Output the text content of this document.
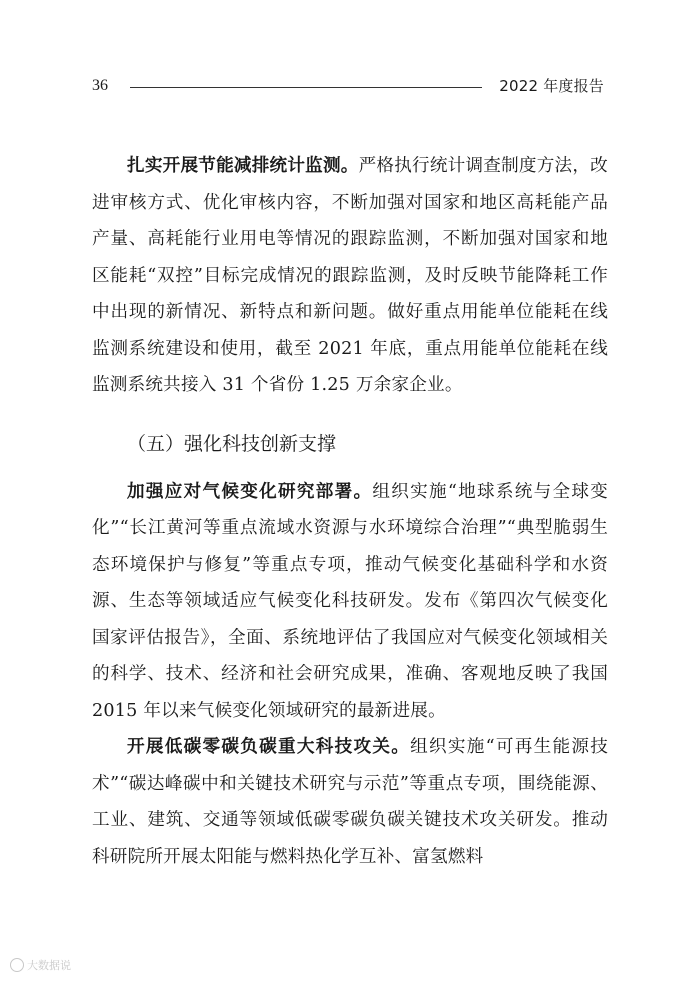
36	2022 年度报告

扎实开展节能减排统计监测。严格执行统计调查制度方法，改进审核方式、优化审核内容，不断加强对国家和地区高耗能产品产量、高耗能行业用电等情况的跟踪监测，不断加强对国家和地区能耗“双控”目标完成情况的跟踪监测，及时反映节能降耗工作中出现的新情况、新特点和新问题。做好重点用能单位能耗在线监测系统建设和使用，截至 2021 年底，重点用能单位能耗在线监测系统共接入 31 个省份 1.25 万余家企业。

（五）强化科技创新支撑

加强应对气候变化研究部署。组织实施“地球系统与全球变化”“长江黄河等重点流域水资源与水环境综合治理”“典型脆弱生态环境保护与修复”等重点专项，推动气候变化基础科学和水资源、生态等领域适应气候变化科技研发。发布《第四次气候变化国家评估报告》，全面、系统地评估了我国应对气候变化领域相关的科学、技术、经济和社会研究成果，准确、客观地反映了我国 2015 年以来气候变化领域研究的最新进展。

开展低碳零碳负碳重大科技攻关。组织实施“可再生能源技术”“碳达峰碳中和关键技术研究与示范”等重点专项，围绕能源、工业、建筑、交通等领域低碳零碳负碳关键技术攻关研发。推动科研院所开展太阳能与燃料热化学互补、富氢燃料

大数据说
